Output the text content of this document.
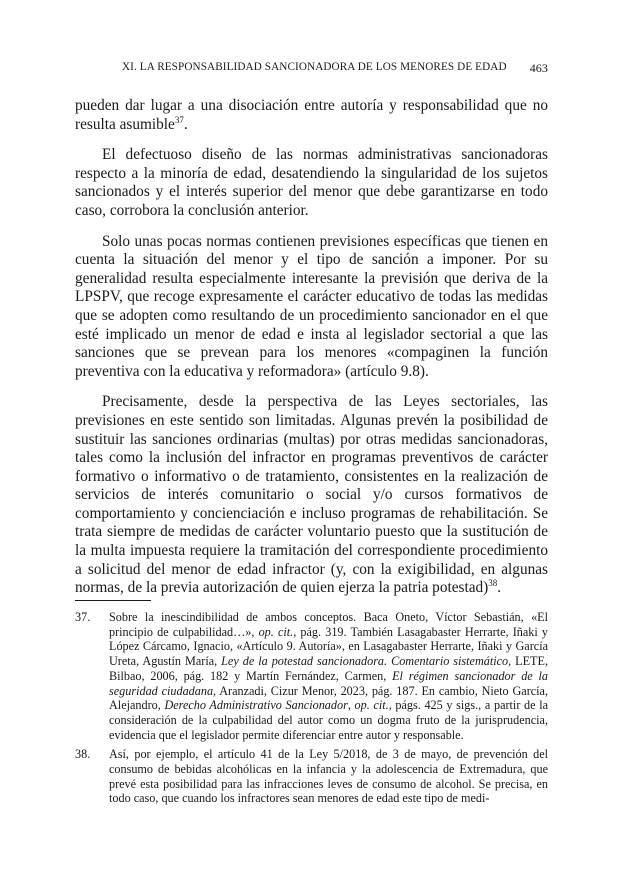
XI. LA RESPONSABILIDAD SANCIONADORA DE LOS MENORES DE EDAD 463

pueden dar lugar a una disociación entre autoría y responsabilidad que no resulta asumible$^{37}$.

El defectuoso diseño de las normas administrativas sancionadoras respecto a la minoría de edad, desatendiendo la singularidad de los sujetos sancionados y el interés superior del menor que debe garantizarse en todo caso, corrobora la conclusión anterior.

Solo unas pocas normas contienen previsiones específicas que tienen en cuenta la situación del menor y el tipo de sanción a imponer. Por su generalidad resulta especialmente interesante la previsión que deriva de la LPSPV, que recoge expresamente el carácter educativo de todas las medidas que se adopten como resultando de un procedimiento sancionador en el que esté implicado un menor de edad e insta al legislador sectorial a que las sanciones que se prevean para los menores «compaginen la función preventiva con la educativa y reformadora» (artículo 9.8).

Precisamente, desde la perspectiva de las Leyes sectoriales, las previsiones en este sentido son limitadas. Algunas prevén la posibilidad de sustituir las sanciones ordinarias (multas) por otras medidas sancionadoras, tales como la inclusión del infractor en programas preventivos de carácter formativo o informativo o de tratamiento, consistentes en la realización de servicios de interés comunitario o social y/o cursos formativos de comportamiento y concienciación e incluso programas de rehabilitación. Se trata siempre de medidas de carácter voluntario puesto que la sustitución de la multa impuesta requiere la tramitación del correspondiente procedimiento a solicitud del menor de edad infractor (y, con la exigibilidad, en algunas normas, de la previa autorización de quien ejerza la patria potestad)$^{38}$.

37.	Sobre la inescindibilidad de ambos conceptos. Baca Oneto, Víctor Sebastián, «El principio de culpabilidad…», op. cit., pág. 319. También Lasagabaster Herrarte, Iñaki y López Cárcamo, Ignacio, «Artículo 9. Autoría», en Lasagabaster Herrarte, Iñaki y García Ureta, Agustín María, Ley de la potestad sancionadora. Comentario sistemático, LETE, Bilbao, 2006, pág. 182 y Martín Fernández, Carmen, El régimen sancionador de la seguridad ciudadana, Aranzadi, Cizur Menor, 2023, pág. 187. En cambio, Nieto García, Alejandro, Derecho Administrativo Sancionador, op. cit., págs. 425 y sigs., a partir de la consideración de la culpabilidad del autor como un dogma fruto de la jurisprudencia, evidencia que el legislador permite diferenciar entre autor y responsable.
38.	Así, por ejemplo, el artículo 41 de la Ley 5/2018, de 3 de mayo, de prevención del consumo de bebidas alcohólicas en la infancia y la adolescencia de Extremadura, que prevé esta posibilidad para las infracciones leves de consumo de alcohol. Se precisa, en todo caso, que cuando los infractores sean menores de edad este tipo de medi-
